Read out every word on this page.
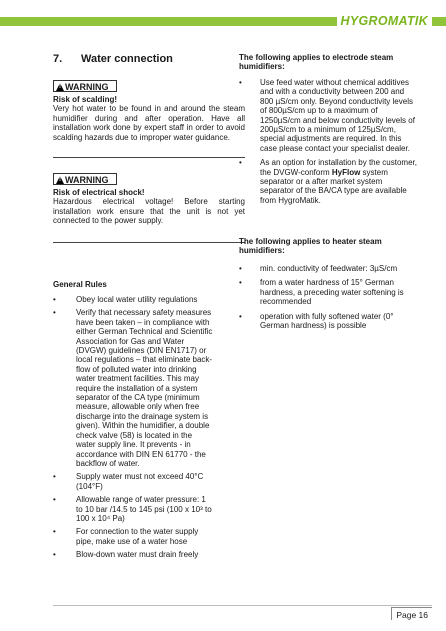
HYGROMATIK
7. Water connection
! WARNING
Risk of scalding!
Very hot water to be found in and around the steam humidifier during and after operation. Have all installation work done by expert staff in order to avoid scalding hazards due to improper water guidance.
! WARNING
Risk of electrical shock!
Hazardous electrical voltage! Before starting installation work ensure that the unit is not yet connected to the power supply.
General Rules
•	Obey local water utility regulations
•	Verify that necessary safety measures have been taken – in compliance with either German Technical and Scientific Association for Gas and Water (DVGW) guidelines (DIN EN1717) or local regulations – that eliminate back-flow of polluted water into drinking water treatment facilities. This may require the installation of a system separator of the CA type (minimum measure, allowable only when free discharge into the drainage system is given). Within the humidifier, a double check valve (58) is located in the water supply line. It prevents - in accordance with DIN EN 61770 - the backflow of water.
•	Supply water must not exceed 40°C (104°F)
•	Allowable range of water pressure: 1 to 10 bar /14.5 to 145 psi (100 x 10³ to 100 x 10⁴ Pa)
•	For connection to the water supply pipe, make use of a water hose
•	Blow-down water must drain freely
The following applies to electrode steam humidifiers:
• Use feed water without chemical additives and with a conductivity between 200 and 800 µS/cm only. Beyond conductivity levels of 800µS/cm up to a maximum of 1250µS/cm and below conductivity levels of 200µS/cm to a minimum of 125µS/cm, special adjustments are required. In this case please contact your specialist dealer.
• As an option for installation by the customer, the DVGW-conform HyFlow system separator or a after market system separator of the BA/CA type are available from HygroMatik.
The following applies to heater steam humidifiers:
• min. conductivity of feedwater: 3µS/cm
• from a water hardness of 15° German hardness, a preceding water softening is recommended
• operation with fully softened water (0° German hardness) is possible
Page 16
